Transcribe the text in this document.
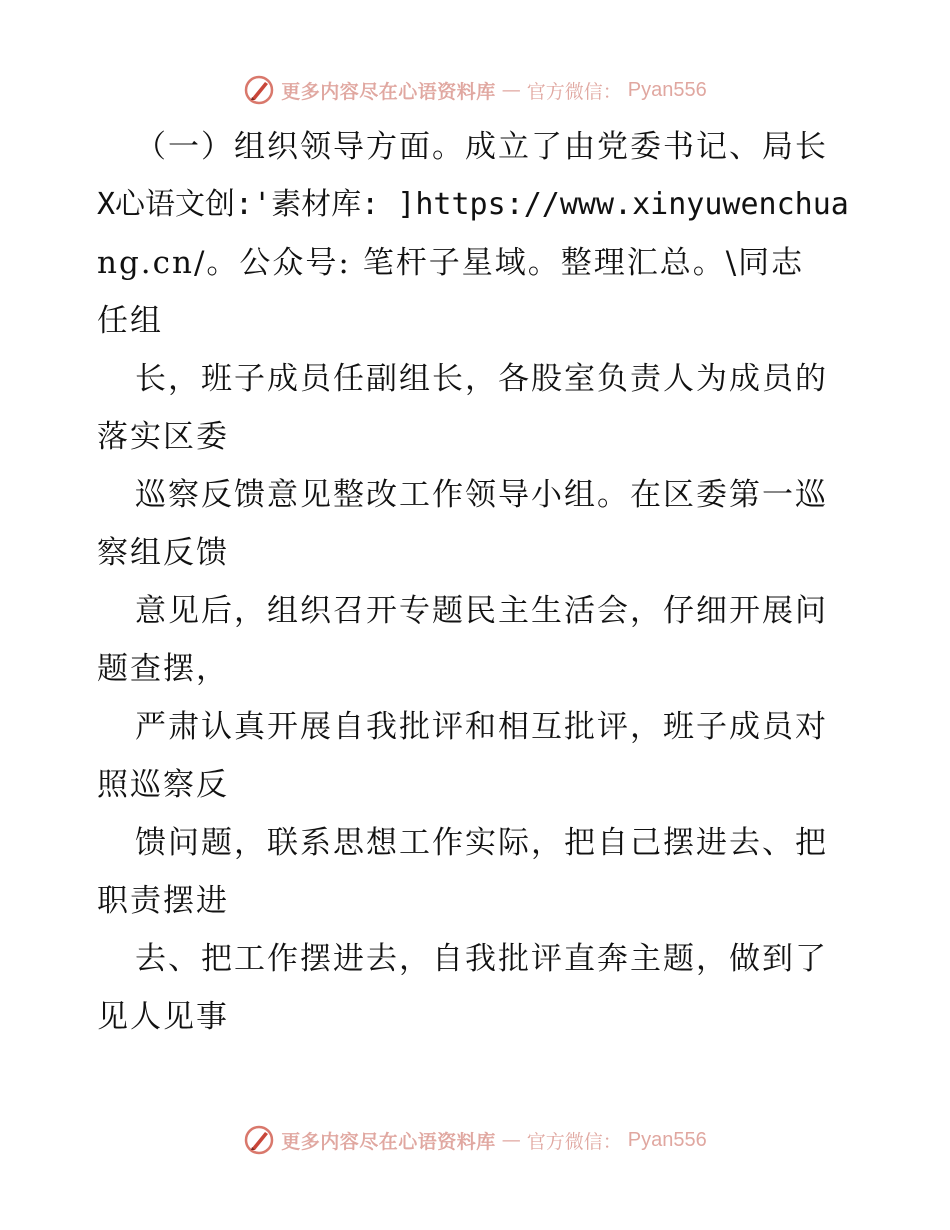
更多内容尽在心语资料库 — 官方微信： Pyan556
（一）组织领导方面。成立了由党委书记、局长
X心语文创:'素材库: ]https://www.xinyuwenchua
ng.cn/。公众号: 笔杆子星域。整理汇总。\同志
任组
长，班子成员任副组长，各股室负责人为成员的
落实区委
巡察反馈意见整改工作领导小组。在区委第一巡
察组反馈
意见后，组织召开专题民主生活会，仔细开展问
题查摆，
严肃认真开展自我批评和相互批评，班子成员对
照巡察反
馈问题，联系思想工作实际，把自己摆进去、把
职责摆进
去、把工作摆进去，自我批评直奔主题，做到了
见人见事
更多内容尽在心语资料库 — 官方微信： Pyan556
